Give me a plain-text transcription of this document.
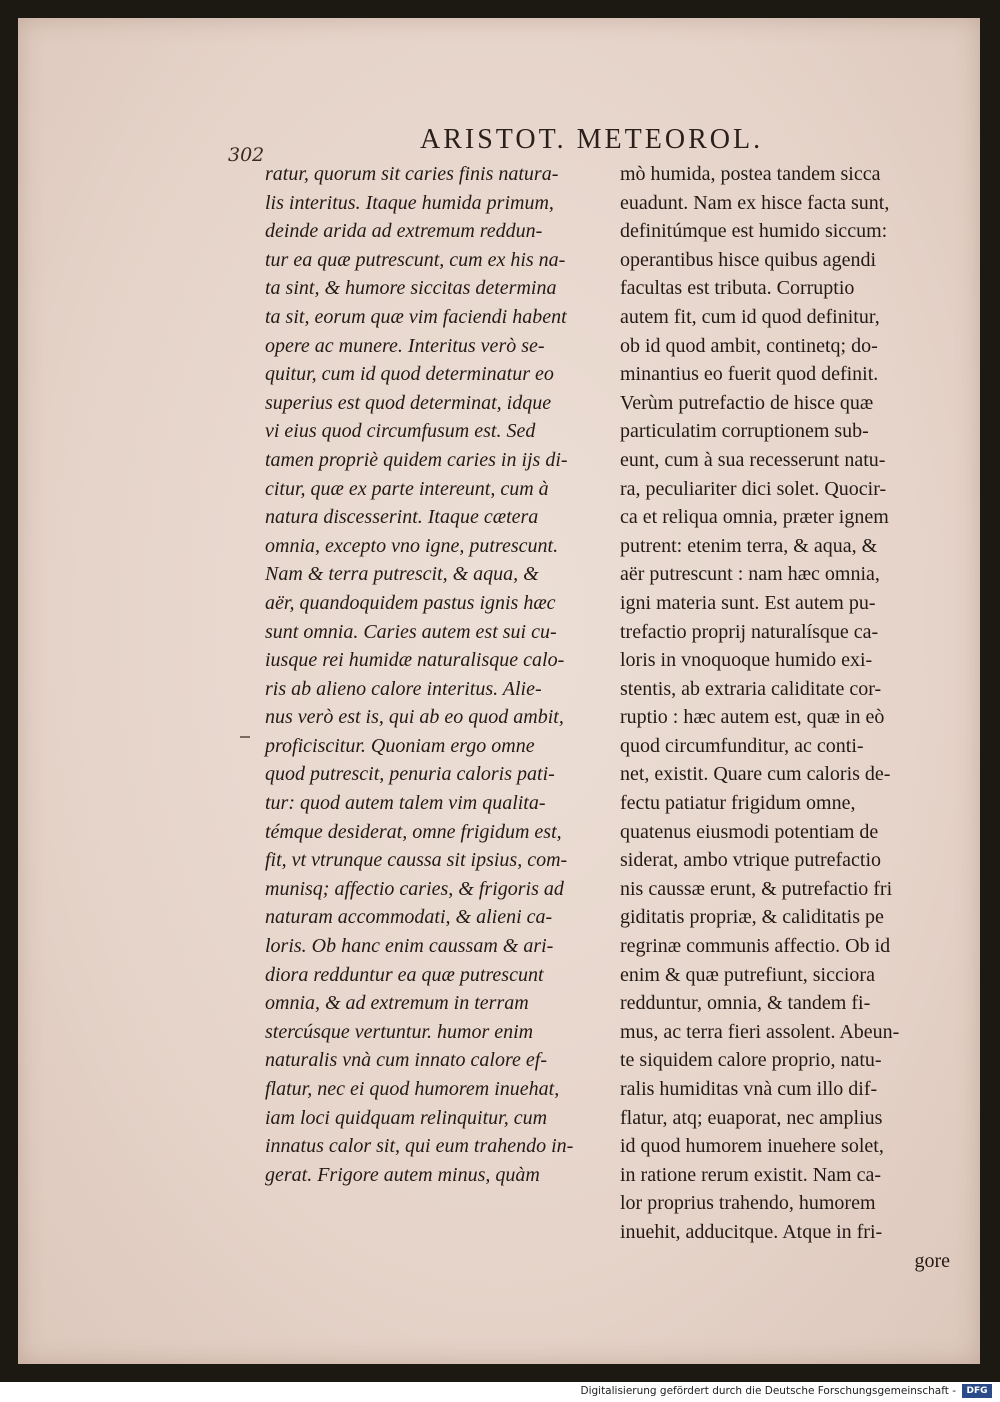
302	ARISTOT. METEOROL.
ratur, quorum sit caries finis natura-
lis interitus. Itaque humida primum,
deinde arida ad extremum reddun-
tur ea quæ putrescunt, cum ex his na-
ta sint, & humore siccitas determina
ta sit, eorum quæ vim faciendi habent
opere ac munere. Interitus verò se-
quitur, cum id quod determinatur eo
superius est quod determinat, idque
vi eius quod circumfusum est. Sed
tamen propriè quidem caries in ijs di-
citur, quæ ex parte intereunt, cum à
natura discesserint. Itaque cætera
omnia, excepto vno igne, putrescunt.
Nam & terra putrescit, & aqua, &
aër, quandoquidem pastus ignis hæc
sunt omnia. Caries autem est sui cu-
iusque rei humidæ naturalisque calo-
ris ab alieno calore interitus. Alie-
nus verò est is, qui ab eo quod ambit,
proficiscitur. Quoniam ergo omne
quod putrescit, penuria caloris pati-
tur: quod autem talem vim qualita-
témque desiderat, omne frigidum est,
fit, vt vtrunque caussa sit ipsius, com-
munisq; affectio caries, & frigoris ad
naturam accommodati, & alieni ca-
loris. Ob hanc enim caussam & ari-
diora redduntur ea quæ putrescunt
omnia, & ad extremum in terram
stercúsque vertuntur. humor enim
naturalis vnà cum innato calore ef-
flatur, nec ei quod humorem inuehat,
iam loci quidquam relinquitur, cum
innatus calor sit, qui eum trahendo in-
gerat. Frigore autem minus, quàm
mò humida, postea tandem sicca
euadunt. Nam ex hisce facta sunt,
definitúmque est humido siccum:
operantibus hisce quibus agendi
facultas est tributa. Corruptio
autem fit, cum id quod definitur,
ob id quod ambit, continetq; do-
minantius eo fuerit quod definit.
Verùm putrefactio de hisce quæ
particulatim corruptionem sub-
eunt, cum à sua recesserunt natu-
ra, peculiariter dici solet. Quocir-
ca et reliqua omnia, præter ignem
putrent: etenim terra, & aqua, &
aër putrescunt : nam hæc omnia,
igni materia sunt. Est autem pu-
trefactio proprij naturalísque ca-
loris in vnoquoque humido exi-
stentis, ab extraria caliditate cor-
ruptio : hæc autem est, quæ in eò
quod circumfunditur, ac conti-
net, existit. Quare cum caloris de-
fectu patiatur frigidum omne,
quatenus eiusmodi potentiam de
siderat, ambo vtrique putrefactio
nis caussæ erunt, & putrefactio fri
giditatis propriæ, & caliditatis pe
regrinæ communis affectio. Ob id
enim & quæ putrefiunt, sicciora
redduntur, omnia, & tandem fi-
mus, ac terra fieri assolent. Abeun-
te siquidem calore proprio, natu-
ralis humiditas vnà cum illo dif-
flatur, atq; euaporat, nec amplius
id quod humorem inuehere solet,
in ratione rerum existit. Nam ca-
lor proprius trahendo, humorem
inuehit, adducitque. Atque in fri-
gore
Digitalisierung gefördert durch die Deutsche Forschungsgemeinschaft -	DFG
